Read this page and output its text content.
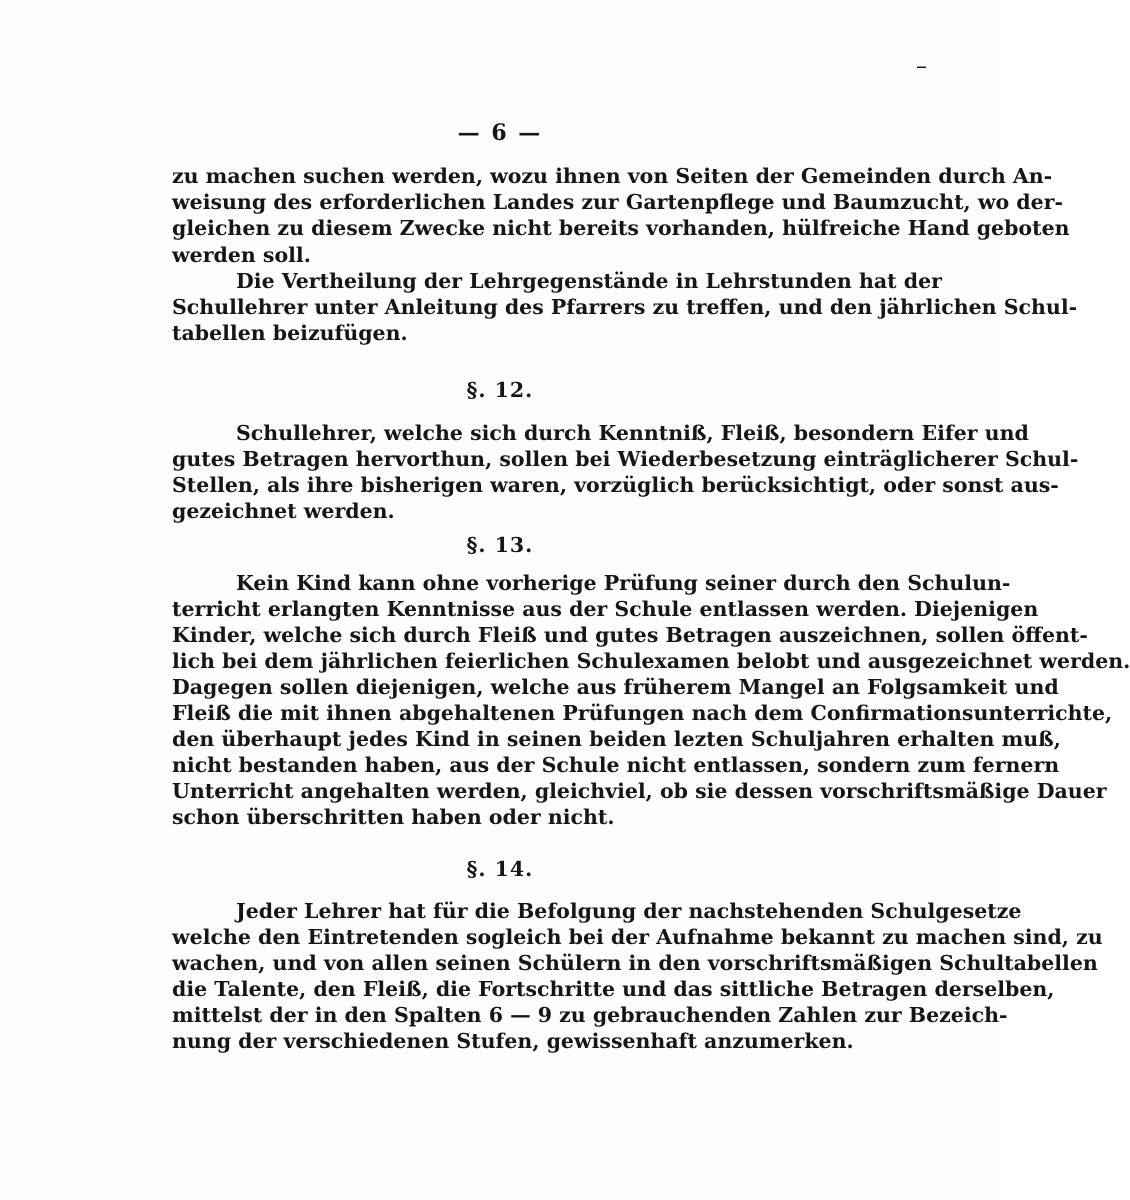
–
— 6 —
zu machen suchen werden, wozu ihnen von Seiten der Gemeinden durch An-
weisung des erforderlichen Landes zur Gartenpflege und Baumzucht, wo der-
gleichen zu diesem Zwecke nicht bereits vorhanden, hülfreiche Hand geboten
werden soll.
Die Vertheilung der Lehrgegenstände in Lehrstunden hat der
Schullehrer unter Anleitung des Pfarrers zu treffen, und den jährlichen Schul-
tabellen beizufügen.
§. 12.
Schullehrer, welche sich durch Kenntniß, Fleiß, besondern Eifer und
gutes Betragen hervorthun, sollen bei Wiederbesetzung einträglicherer Schul-
Stellen, als ihre bisherigen waren, vorzüglich berücksichtigt, oder sonst aus-
gezeichnet werden.
§. 13.
Kein Kind kann ohne vorherige Prüfung seiner durch den Schulun-
terricht erlangten Kenntnisse aus der Schule entlassen werden. Diejenigen
Kinder, welche sich durch Fleiß und gutes Betragen auszeichnen, sollen öffent-
lich bei dem jährlichen feierlichen Schulexamen belobt und ausgezeichnet werden.
Dagegen sollen diejenigen, welche aus früherem Mangel an Folgsamkeit und
Fleiß die mit ihnen abgehaltenen Prüfungen nach dem Confirmationsunterrichte,
den überhaupt jedes Kind in seinen beiden lezten Schuljahren erhalten muß,
nicht bestanden haben, aus der Schule nicht entlassen, sondern zum fernern
Unterricht angehalten werden, gleichviel, ob sie dessen vorschriftsmäßige Dauer
schon überschritten haben oder nicht.
§. 14.
Jeder Lehrer hat für die Befolgung der nachstehenden Schulgesetze
welche den Eintretenden sogleich bei der Aufnahme bekannt zu machen sind, zu
wachen, und von allen seinen Schülern in den vorschriftsmäßigen Schultabellen
die Talente, den Fleiß, die Fortschritte und das sittliche Betragen derselben,
mittelst der in den Spalten 6 — 9 zu gebrauchenden Zahlen zur Bezeich-
nung der verschiedenen Stufen, gewissenhaft anzumerken.
